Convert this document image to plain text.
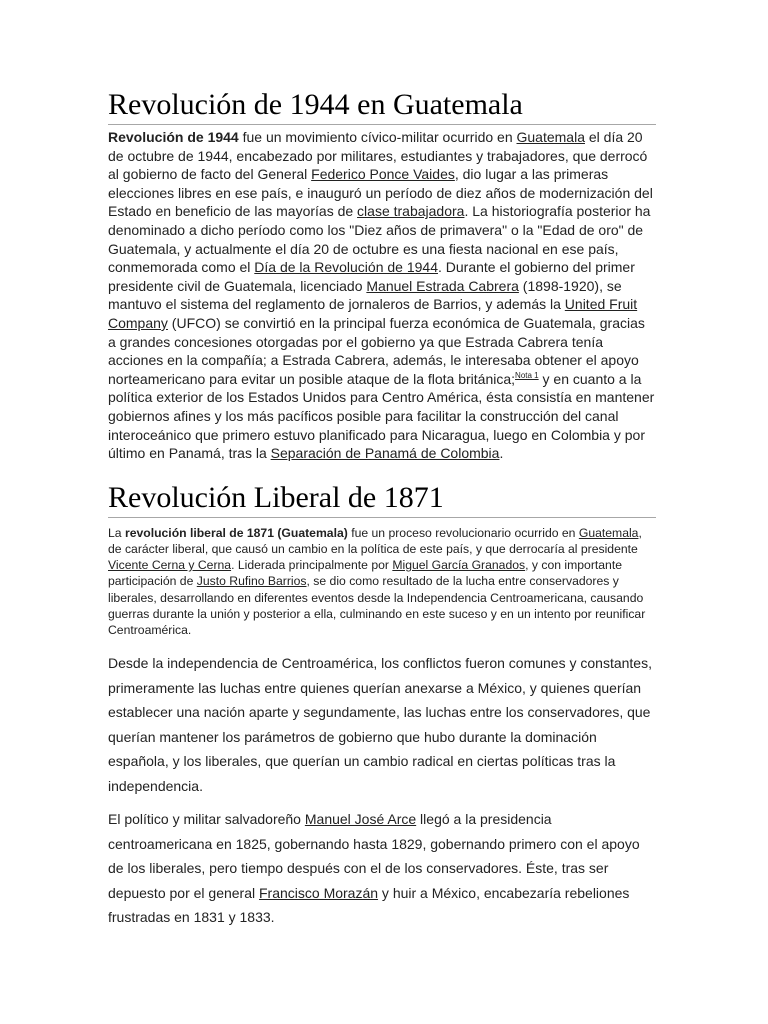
Revolución de 1944 en Guatemala

Revolución de 1944 fue un movimiento cívico-militar ocurrido en Guatemala el día 20 de octubre de 1944, encabezado por militares, estudiantes y trabajadores, que derrocó al gobierno de facto del General Federico Ponce Vaides, dio lugar a las primeras elecciones libres en ese país, e inauguró un período de diez años de modernización del Estado en beneficio de las mayorías de clase trabajadora. La historiografía posterior ha denominado a dicho período como los "Diez años de primavera" o la "Edad de oro" de Guatemala, y actualmente el día 20 de octubre es una fiesta nacional en ese país, conmemorada como el Día de la Revolución de 1944. Durante el gobierno del primer presidente civil de Guatemala, licenciado Manuel Estrada Cabrera (1898-1920), se mantuvo el sistema del reglamento de jornaleros de Barrios, y además la United Fruit Company (UFCO) se convirtió en la principal fuerza económica de Guatemala, gracias a grandes concesiones otorgadas por el gobierno ya que Estrada Cabrera tenía acciones en la compañía; a Estrada Cabrera, además, le interesaba obtener el apoyo norteamericano para evitar un posible ataque de la flota británica;$^{Nota 1}$ y en cuanto a la política exterior de los Estados Unidos para Centro América, ésta consistía en mantener gobiernos afines y los más pacíficos posible para facilitar la construcción del canal interoceánico que primero estuvo planificado para Nicaragua, luego en Colombia y por último en Panamá, tras la Separación de Panamá de Colombia.

Revolución Liberal de 1871

La revolución liberal de 1871 (Guatemala) fue un proceso revolucionario ocurrido en Guatemala, de carácter liberal, que causó un cambio en la política de este país, y que derrocaría al presidente Vicente Cerna y Cerna. Liderada principalmente por Miguel García Granados, y con importante participación de Justo Rufino Barrios, se dio como resultado de la lucha entre conservadores y liberales, desarrollando en diferentes eventos desde la Independencia Centroamericana, causando guerras durante la unión y posterior a ella, culminando en este suceso y en un intento por reunificar Centroamérica.

Desde la independencia de Centroamérica, los conflictos fueron comunes y constantes, primeramente las luchas entre quienes querían anexarse a México, y quienes querían establecer una nación aparte y segundamente, las luchas entre los conservadores, que querían mantener los parámetros de gobierno que hubo durante la dominación española, y los liberales, que querían un cambio radical en ciertas políticas tras la independencia.

El político y militar salvadoreño Manuel José Arce llegó a la presidencia centroamericana en 1825, gobernando hasta 1829, gobernando primero con el apoyo de los liberales, pero tiempo después con el de los conservadores. Éste, tras ser depuesto por el general Francisco Morazán y huir a México, encabezaría rebeliones frustradas en 1831 y 1833.
